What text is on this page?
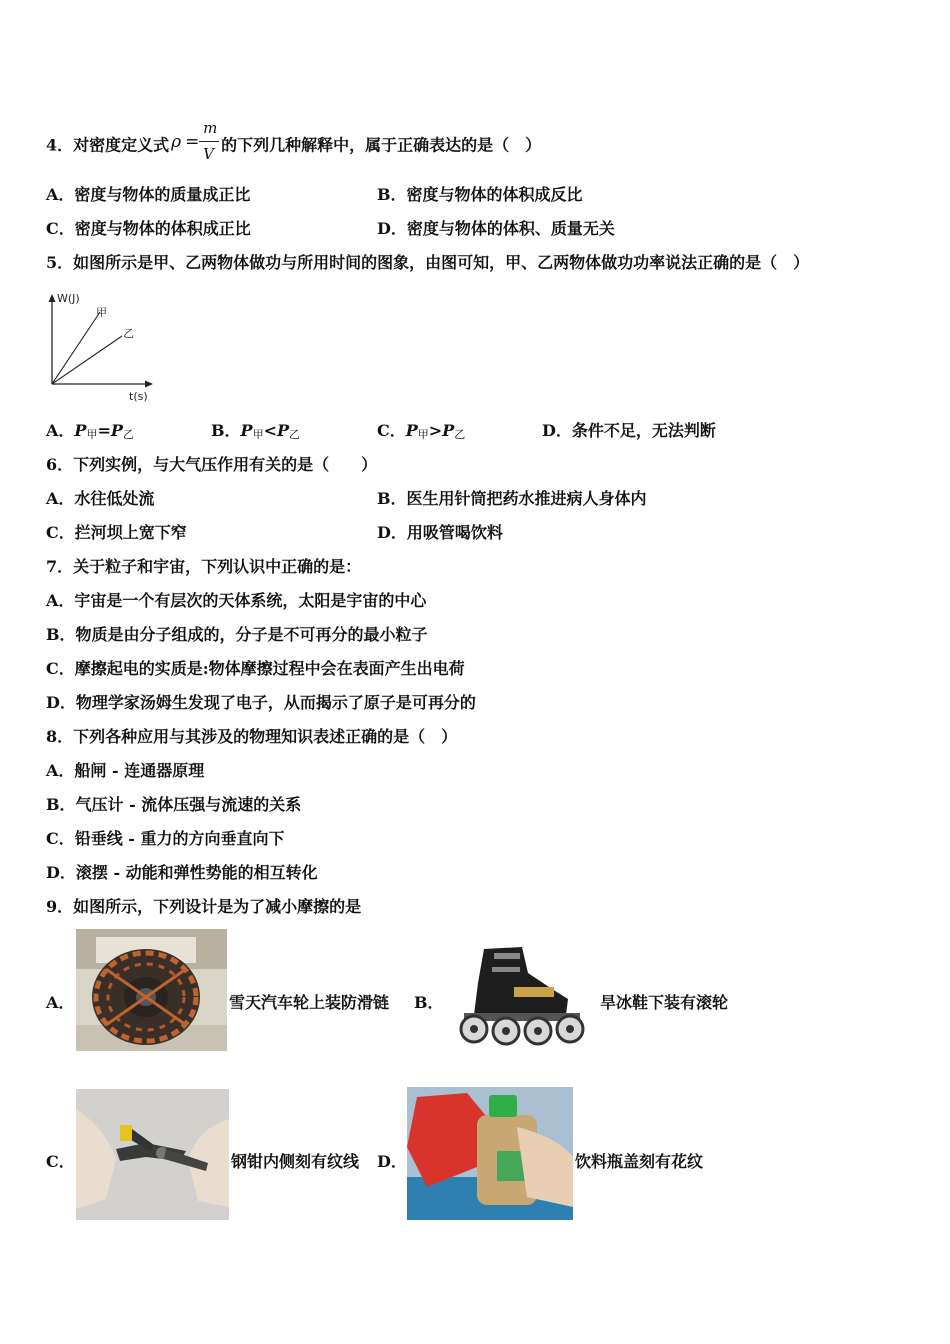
4．对密度定义式 ρ =
m
V 的下列几种解释中，属于正确表达的是（　）
A．密度与物体的质量成正比	B．密度与物体的体积成反比
C．密度与物体的体积成正比	D．密度与物体的体积、质量无关
5．如图所示是甲、乙两物体做功与所用时间的图象，由图可知，甲、乙两物体做功功率说法正确的是（　）
W(J)
甲
乙
t(s)
A．P甲=P乙	B．P甲<P乙	C．P甲>P乙	D．条件不足，无法判断
6．下列实例，与大气压作用有关的是（　　）
A．水往低处流	B．医生用针筒把药水推进病人身体内
C．拦河坝上宽下窄	D．用吸管喝饮料
7．关于粒子和宇宙，下列认识中正确的是：
A．宇宙是一个有层次的天体系统，太阳是宇宙的中心
B．物质是由分子组成的，分子是不可再分的最小粒子
C．摩擦起电的实质是:物体摩擦过程中会在表面产生出电荷
D．物理学家汤姆生发现了电子，从而揭示了原子是可再分的
8．下列各种应用与其涉及的物理知识表述正确的是（　）
A．船闸 - 连通器原理
B．气压计 - 流体压强与流速的关系
C．铅垂线 - 重力的方向垂直向下
D．滚摆 - 动能和弹性势能的相互转化
9．如图所示，下列设计是为了减小摩擦的是
A．	雪天汽车轮上装防滑链 B．	旱冰鞋下装有滚轮
C．	钢钳内侧刻有纹线 D．	饮料瓶盖刻有花纹
